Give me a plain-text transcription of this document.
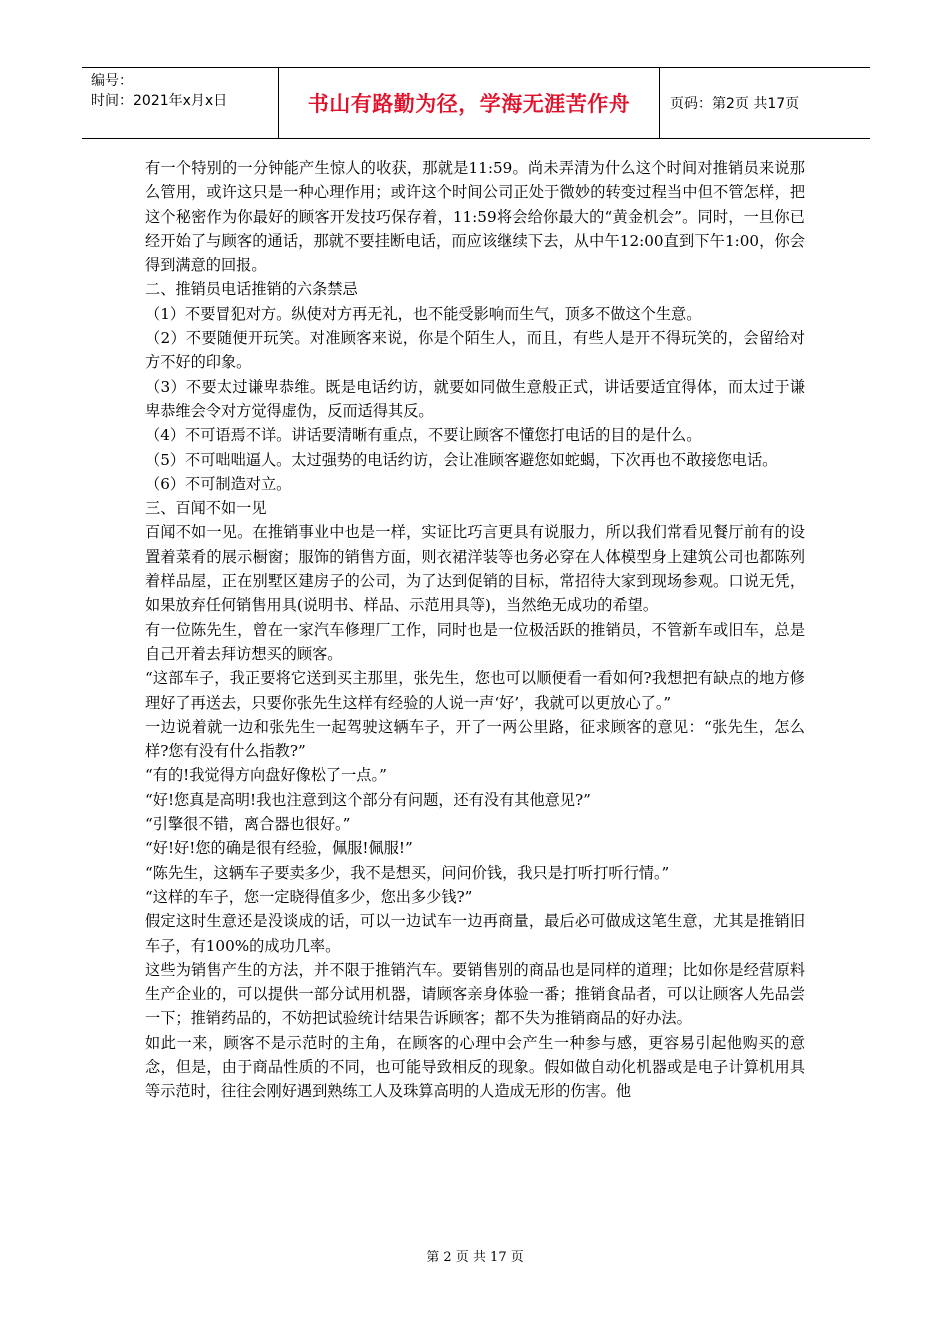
编号：
时间：2021年x月x日	书山有路勤为径，学海无涯苦作舟	页码：第2页 共17页

有一个特别的一分钟能产生惊人的收获，那就是11:59。尚未弄清为什么这个时间对推销员来说那么管用，或许这只是一种心理作用；或许这个时间公司正处于微妙的转变过程当中但不管怎样，把这个秘密作为你最好的顾客开发技巧保存着，11:59将会给你最大的“黄金机会”。同时，一旦你已经开始了与顾客的通话，那就不要挂断电话，而应该继续下去，从中午12:00直到下午1:00，你会得到满意的回报。

二、推销员电话推销的六条禁忌

（1）不要冒犯对方。纵使对方再无礼，也不能受影响而生气，顶多不做这个生意。

（2）不要随便开玩笑。对准顾客来说，你是个陌生人，而且，有些人是开不得玩笑的，会留给对方不好的印象。

（3）不要太过谦卑恭维。既是电话约访，就要如同做生意般正式，讲话要适宜得体，而太过于谦卑恭维会令对方觉得虚伪，反而适得其反。

（4）不可语焉不详。讲话要清晰有重点，不要让顾客不懂您打电话的目的是什么。

（5）不可咄咄逼人。太过强势的电话约访，会让准顾客避您如蛇蝎，下次再也不敢接您电话。

（6）不可制造对立。

三、百闻不如一见

百闻不如一见。在推销事业中也是一样，实证比巧言更具有说服力，所以我们常看见餐厅前有的设置着菜肴的展示橱窗；服饰的销售方面，则衣裙洋装等也务必穿在人体模型身上建筑公司也都陈列着样品屋，正在别墅区建房子的公司，为了达到促销的目标，常招待大家到现场参观。口说无凭，如果放弃任何销售用具(说明书、样品、示范用具等)，当然绝无成功的希望。

有一位陈先生，曾在一家汽车修理厂工作，同时也是一位极活跃的推销员，不管新车或旧车，总是自己开着去拜访想买的顾客。

“这部车子，我正要将它送到买主那里，张先生，您也可以顺便看一看如何?我想把有缺点的地方修理好了再送去，只要你张先生这样有经验的人说一声‘好’，我就可以更放心了。”

一边说着就一边和张先生一起驾驶这辆车子，开了一两公里路，征求顾客的意见：“张先生，怎么样?您有没有什么指教?”

“有的!我觉得方向盘好像松了一点。”

“好!您真是高明!我也注意到这个部分有问题，还有没有其他意见?”

“引擎很不错，离合器也很好。”

“好!好!您的确是很有经验，佩服!佩服!”

“陈先生，这辆车子要卖多少，我不是想买，问问价钱，我只是打听打听行情。”

“这样的车子，您一定晓得值多少，您出多少钱?”

假定这时生意还是没谈成的话，可以一边试车一边再商量，最后必可做成这笔生意，尤其是推销旧车子，有100%的成功几率。

这些为销售产生的方法，并不限于推销汽车。要销售别的商品也是同样的道理；比如你是经营原料生产企业的，可以提供一部分试用机器，请顾客亲身体验一番；推销食品者，可以让顾客人先品尝一下；推销药品的，不妨把试验统计结果告诉顾客；都不失为推销商品的好办法。

如此一来，顾客不是示范时的主角，在顾客的心理中会产生一种参与感，更容易引起他购买的意念，但是，由于商品性质的不同，也可能导致相反的现象。假如做自动化机器或是电子计算机用具等示范时，往往会刚好遇到熟练工人及珠算高明的人造成无形的伤害。他

第 2 页 共 17 页
